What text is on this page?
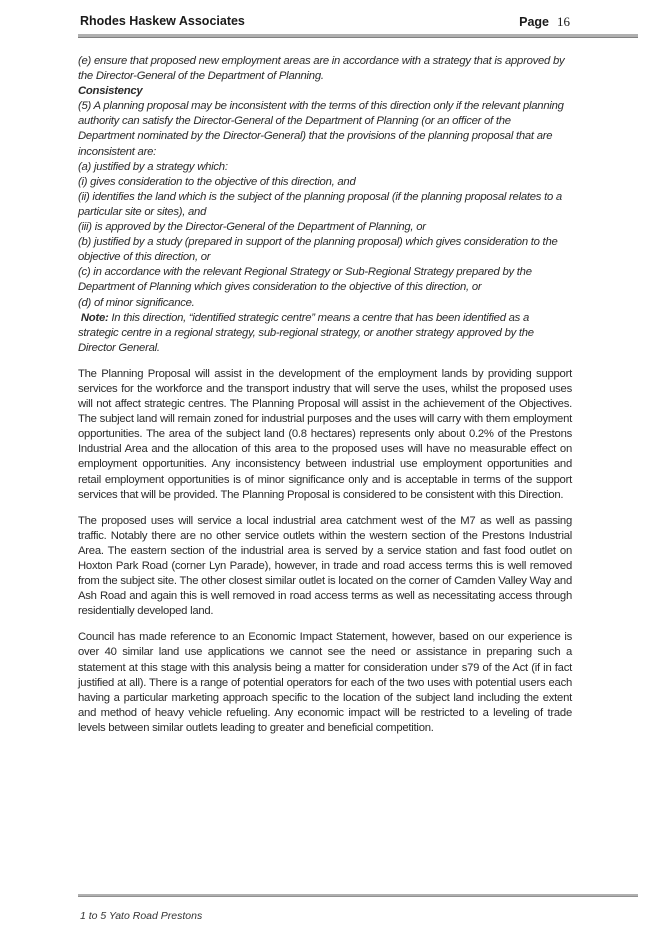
Rhodes Haskew Associates	Page 16

(e) ensure that proposed new employment areas are in accordance with a strategy that is approved by the Director-General of the Department of Planning.

Consistency

(5) A planning proposal may be inconsistent with the terms of this direction only if the relevant planning authority can satisfy the Director-General of the Department of Planning (or an officer of the

Department nominated by the Director-General) that the provisions of the planning proposal that are inconsistent are:

(a) justified by a strategy which:

(i) gives consideration to the objective of this direction, and

(ii) identifies the land which is the subject of the planning proposal (if the planning proposal relates to a particular site or sites), and

(iii) is approved by the Director-General of the Department of Planning, or

(b) justified by a study (prepared in support of the planning proposal) which gives consideration to the objective of this direction, or

(c) in accordance with the relevant Regional Strategy or Sub-Regional Strategy prepared by the Department of Planning which gives consideration to the objective of this direction, or

(d) of minor significance.

Note: In this direction, “identified strategic centre” means a centre that has been identified as a strategic centre in a regional strategy, sub-regional strategy, or another strategy approved by the Director General.

The Planning Proposal will assist in the development of the employment lands by providing support services for the workforce and the transport industry that will serve the uses, whilst the proposed uses will not affect strategic centres. The Planning Proposal will assist in the achievement of the Objectives. The subject land will remain zoned for industrial purposes and the uses will carry with them employment opportunities. The area of the subject land (0.8 hectares) represents only about 0.2% of the Prestons Industrial Area and the allocation of this area to the proposed uses will have no measurable effect on employment opportunities. Any inconsistency between industrial use employment opportunities and retail employment opportunities is of minor significance only and is acceptable in terms of the support services that will be provided. The Planning Proposal is considered to be consistent with this Direction.

The proposed uses will service a local industrial area catchment west of the M7 as well as passing traffic. Notably there are no other service outlets within the western section of the Prestons Industrial Area. The eastern section of the industrial area is served by a service station and fast food outlet on Hoxton Park Road (corner Lyn Parade), however, in trade and road access terms this is well removed from the subject site. The other closest similar outlet is located on the corner of Camden Valley Way and Ash Road and again this is well removed in road access terms as well as necessitating access through residentially developed land.

Council has made reference to an Economic Impact Statement, however, based on our experience is over 40 similar land use applications we cannot see the need or assistance in preparing such a statement at this stage with this analysis being a matter for consideration under s79 of the Act (if in fact justified at all). There is a range of potential operators for each of the two uses with potential users each having a particular marketing approach specific to the location of the subject land including the extent and method of heavy vehicle refueling. Any economic impact will be restricted to a leveling of trade levels between similar outlets leading to greater and beneficial competition.

1 to 5 Yato Road Prestons
